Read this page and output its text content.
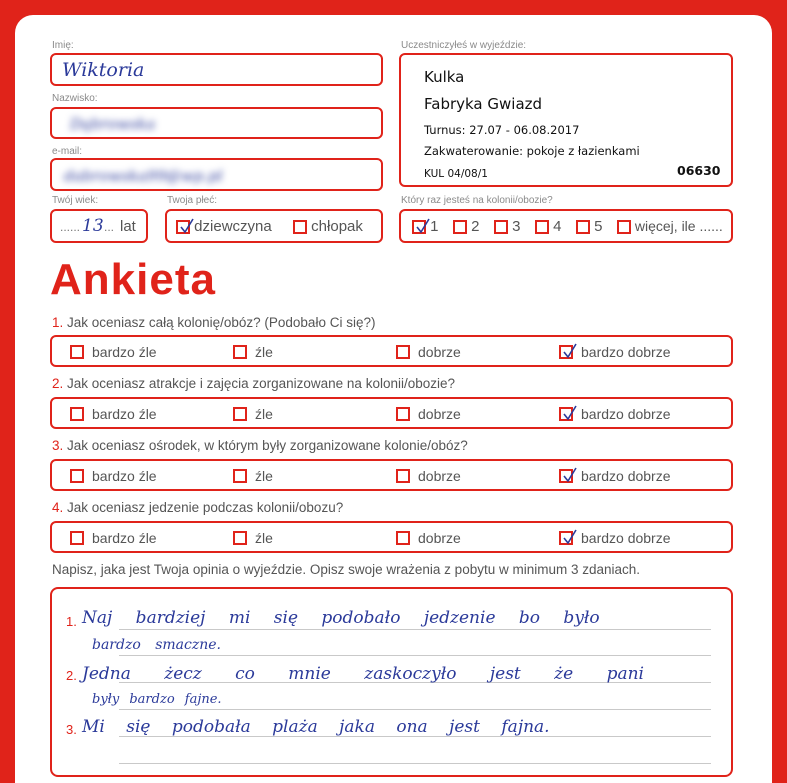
Imię:
Wiktoria
Nazwisko:
Dąbrowska
e-mail:
dabrowska99@wp.pl
Twój wiek:
...... 13 ... lat
Twoja płeć:
dziewczyna	chłopak
Uczestniczyłeś w wyjeździe:
Kulka
Fabryka Gwiazd
Turnus: 27.07 - 06.08.2017
Zakwaterowanie: pokoje z łazienkami
KUL 04/08/1	06630
Który raz jesteś na kolonii/obozie?
1	2	3	4	5	więcej, ile ......
Ankieta
1. Jak oceniasz całą kolonię/obóz? (Podobało Ci się?)
bardzo źle	źle	dobrze	bardzo dobrze
2. Jak oceniasz atrakcje i zajęcia zorganizowane na kolonii/obozie?
bardzo źle	źle	dobrze	bardzo dobrze
3. Jak oceniasz ośrodek, w którym były zorganizowane kolonie/obóz?
bardzo źle	źle	dobrze	bardzo dobrze
4. Jak oceniasz jedzenie podczas kolonii/obozu?
bardzo źle	źle	dobrze	bardzo dobrze
Napisz, jaka jest Twoja opinia o wyjeździe. Opisz swoje wrażenia z pobytu w minimum 3 zdaniach.
1.
2.
3.
Naj bardziej mi się podobało jedzenie bo było
bardzo smaczne.
Jedna żecz co mnie zaskoczyło jest że pani
były bardzo fajne.
Mi się podobała plaża jaka ona jest fajna.
